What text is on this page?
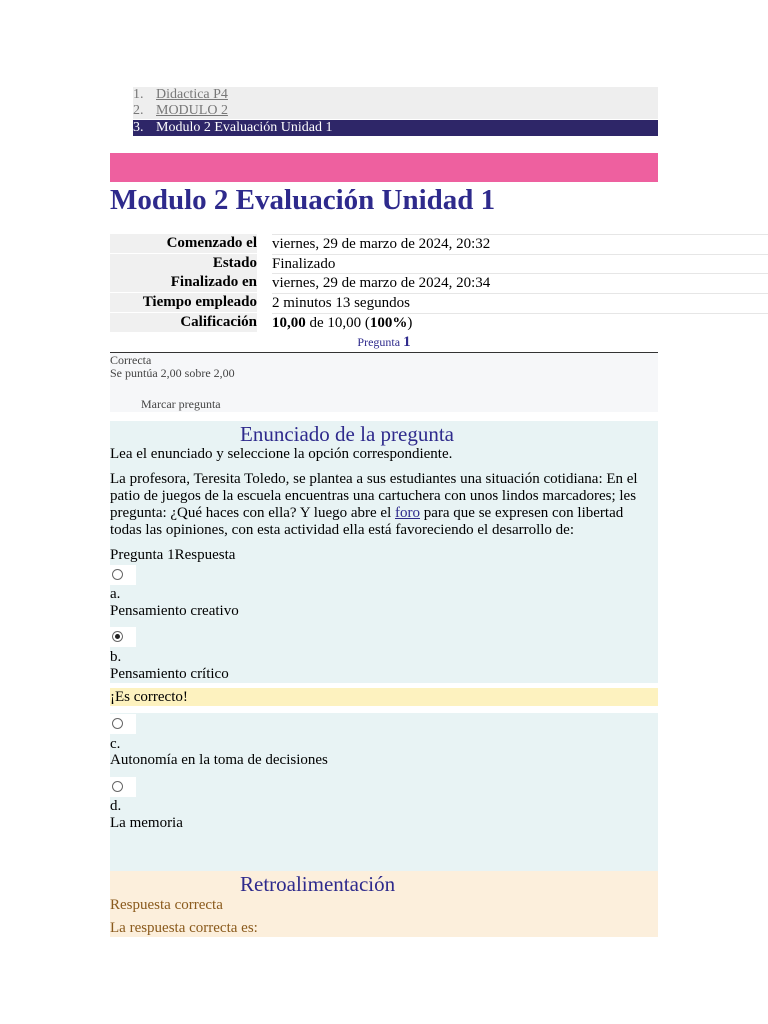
1. Didactica P4
2. MODULO 2
3. Modulo 2 Evaluación Unidad 1
Modulo 2 Evaluación Unidad 1
Comenzado el viernes, 29 de marzo de 2024, 20:32
Estado Finalizado
Finalizado en viernes, 29 de marzo de 2024, 20:34
Tiempo empleado 2 minutos 13 segundos
Calificación 10,00 de 10,00 (100%)
Pregunta 1
Correcta
Se puntúa 2,00 sobre 2,00
Marcar pregunta
Enunciado de la pregunta
Lea el enunciado y seleccione la opción correspondiente.
La profesora, Teresita Toledo, se plantea a sus estudiantes una situación cotidiana: En el
patio de juegos de la escuela encuentras una cartuchera con unos lindos marcadores; les
pregunta: ¿Qué haces con ella? Y luego abre el foro para que se expresen con libertad
todas las opiniones, con esta actividad ella está favoreciendo el desarrollo de:
Pregunta 1Respuesta
a.
Pensamiento creativo
b.
Pensamiento crítico
¡Es correcto!
c.
Autonomía en la toma de decisiones
d.
La memoria
Retroalimentación
Respuesta correcta
La respuesta correcta es:
